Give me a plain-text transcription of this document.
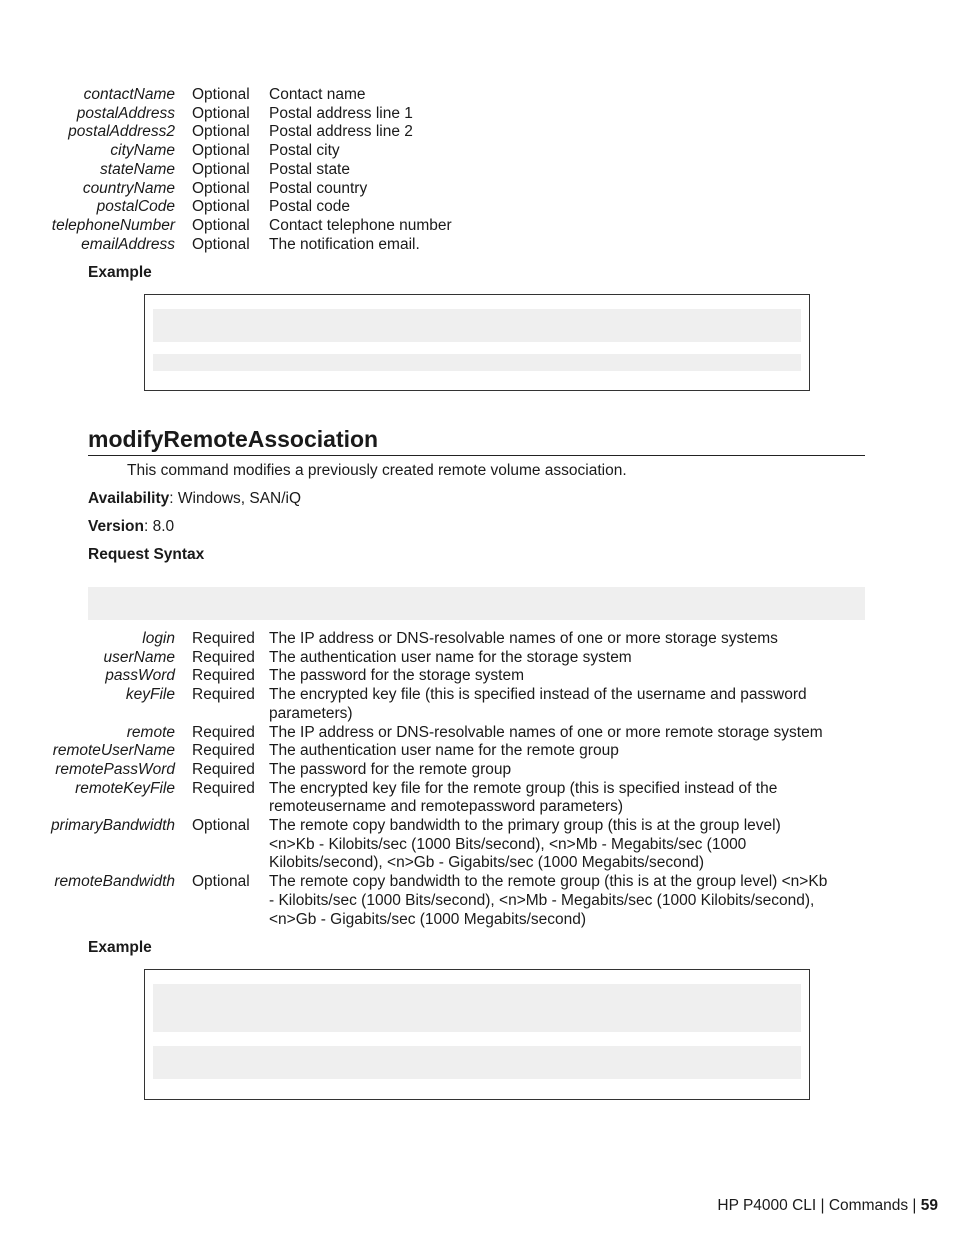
contactName Optional	Contact name
postalAddress Optional	Postal address line 1
postalAddress2 Optional	Postal address line 2
cityName Optional	Postal city
stateName Optional	Postal state
countryName Optional	Postal country
postalCode Optional	Postal code
telephoneNumber Optional	Contact telephone number
emailAddress Optional	The notification email.
Example
modifyRemoteAssociation
This command modifies a previously created remote volume association.
Availability: Windows, SAN/iQ
Version: 8.0
Request Syntax
login Required The IP address or DNS-resolvable names of one or more storage systems
userName Required The authentication user name for the storage system
passWord Required The password for the storage system
keyFile Required The encrypted key file (this is specified instead of the username and password parameters)
remote Required The IP address or DNS-resolvable names of one or more remote storage system
remoteUserName Required The authentication user name for the remote group
remotePassWord Required The password for the remote group
remoteKeyFile Required The encrypted key file for the remote group (this is specified instead of the remoteusername and remotepassword parameters)
primaryBandwidth Optional	The remote copy bandwidth to the primary group (this is at the group level) <n>Kb - Kilobits/sec (1000 Bits/second), <n>Mb - Megabits/sec (1000 Kilobits/second), <n>Gb - Gigabits/sec (1000 Megabits/second)
remoteBandwidth Optional	The remote copy bandwidth to the remote group (this is at the group level) <n>Kb - Kilobits/sec (1000 Bits/second), <n>Mb - Megabits/sec (1000 Kilobits/second), <n>Gb - Gigabits/sec (1000 Megabits/second)
Example
HP P4000 CLI | Commands | 59
